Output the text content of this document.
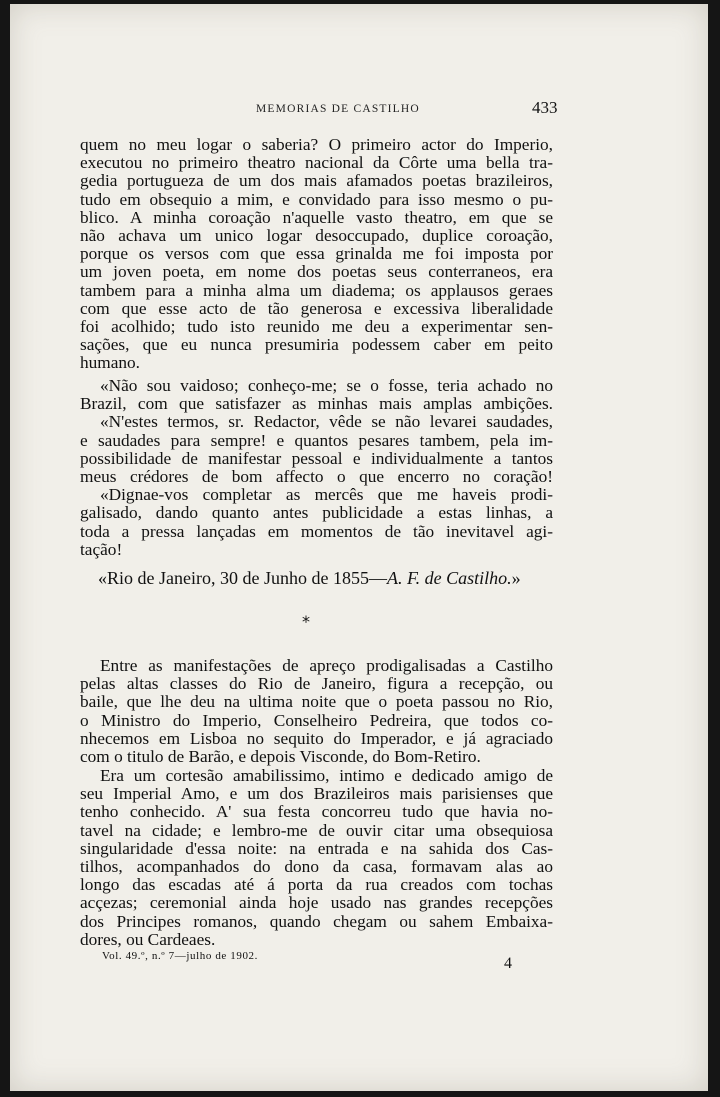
MEMORIAS DE CASTILHO	433
quem no meu logar o saberia? O primeiro actor do Imperio,
executou no primeiro theatro nacional da Côrte uma bella tra-
gedia portugueza de um dos mais afamados poetas brazileiros,
tudo em obsequio a mim, e convidado para isso mesmo o pu-
blico. A minha coroação n'aquelle vasto theatro, em que se
não achava um unico logar desoccupado, duplice coroação,
porque os versos com que essa grinalda me foi imposta por
um joven poeta, em nome dos poetas seus conterraneos, era
tambem para a minha alma um diadema; os applausos geraes
com que esse acto de tão generosa e excessiva liberalidade
foi acolhido; tudo isto reunido me deu a experimentar sen-
sações, que eu nunca presumiria podessem caber em peito
humano.
«Não sou vaidoso; conheço-me; se o fosse, teria achado no
Brazil, com que satisfazer as minhas mais amplas ambições.
«N'estes termos, sr. Redactor, vêde se não levarei saudades,
e saudades para sempre! e quantos pesares tambem, pela im-
possibilidade de manifestar pessoal e individualmente a tantos
meus crédores de bom affecto o que encerro no coração!
«Dignae-vos completar as mercês que me haveis prodi-
galisado, dando quanto antes publicidade a estas linhas, a
toda a pressa lançadas em momentos de tão inevitavel agi-
tação!
«Rio de Janeiro, 30 de Junho de 1855—A. F. de Castilho.»
*
Entre as manifestações de apreço prodigalisadas a Castilho
pelas altas classes do Rio de Janeiro, figura a recepção, ou
baile, que lhe deu na ultima noite que o poeta passou no Rio,
o Ministro do Imperio, Conselheiro Pedreira, que todos co-
nhecemos em Lisboa no sequito do Imperador, e já agraciado
com o titulo de Barão, e depois Visconde, do Bom-Retiro.
Era um cortesão amabilissimo, intimo e dedicado amigo de
seu Imperial Amo, e um dos Brazileiros mais parisienses que
tenho conhecido. A' sua festa concorreu tudo que havia no-
tavel na cidade; e lembro-me de ouvir citar uma obsequiosa
singularidade d'essa noite: na entrada e na sahida dos Cas-
tilhos, acompanhados do dono da casa, formavam alas ao
longo das escadas até á porta da rua creados com tochas
acçezas; ceremonial ainda hoje usado nas grandes recepções
dos Principes romanos, quando chegam ou sahem Embaixa-
dores, ou Cardeaes.
Vol. 49.º, n.º 7—julho de 1902.	4
